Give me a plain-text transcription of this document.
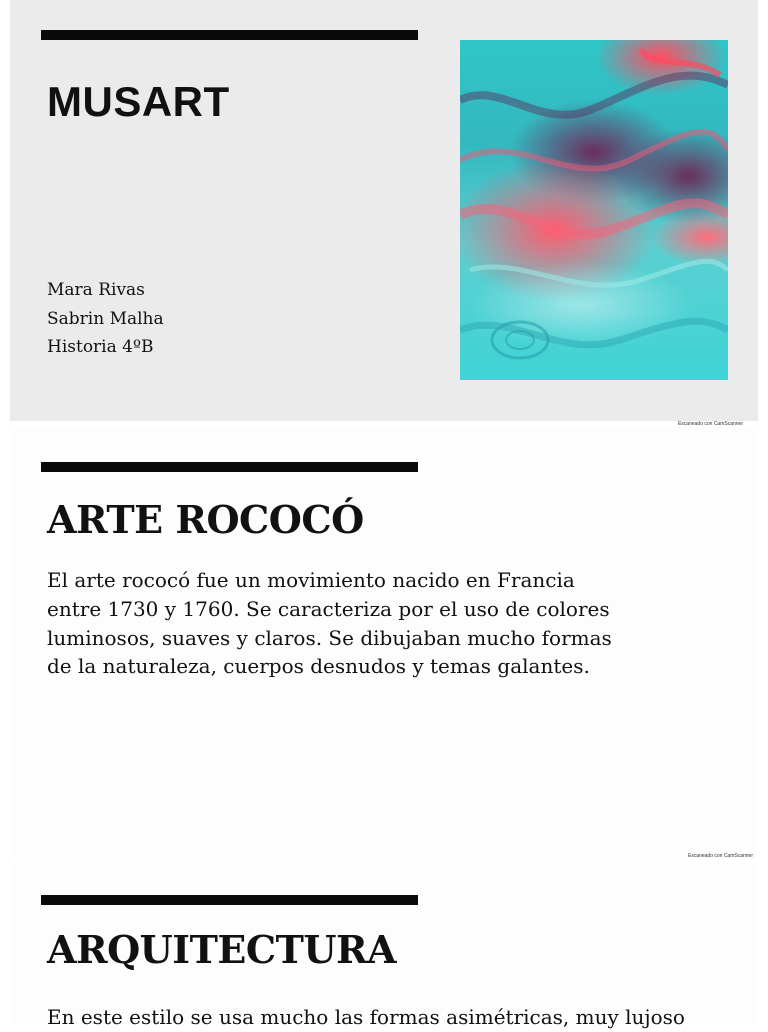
MUSART
Mara Rivas
Sabrin Malha
Historia 4ºB
Escaneado con CamScanner
ARTE ROCOCÓ

El arte rococó fue un movimiento nacido en Francia entre 1730 y 1760. Se caracteriza por el uso de colores luminosos, suaves y claros. Se dibujaban mucho formas de la naturaleza, cuerpos desnudos y temas galantes.

Escaneado con CamScanner
ARQUITECTURA

En este estilo se usa mucho las formas asimétricas, muy lujoso
